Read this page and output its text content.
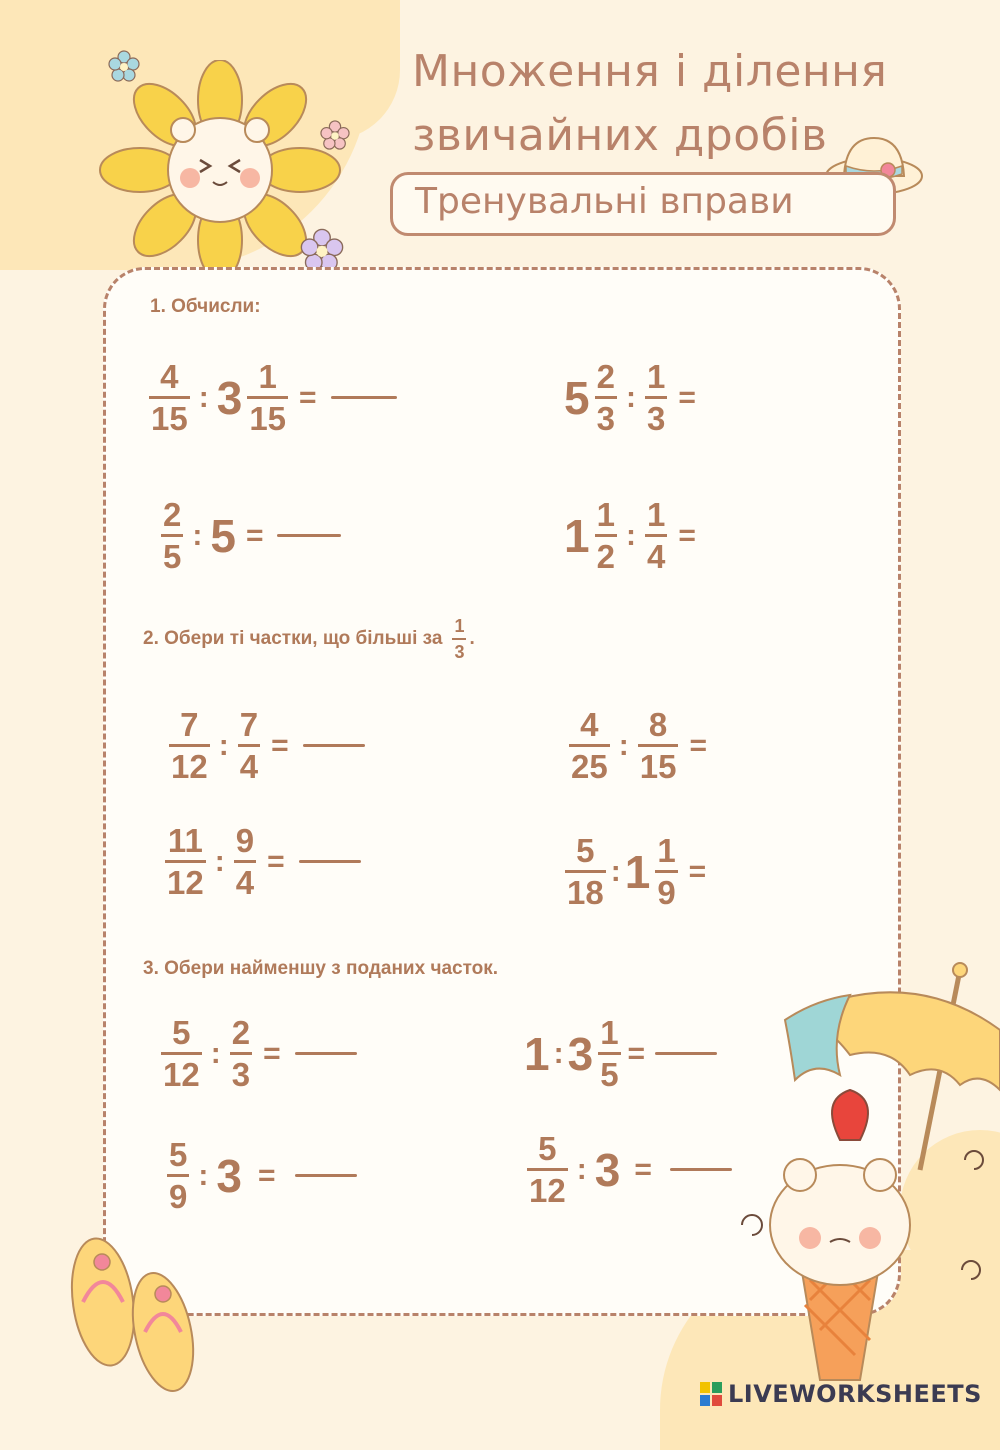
Множення і ділення
звичайних дробів
Тренувальні вправи
1. Обчисли:
$\frac{4}{15}$ : $3 \frac{1}{15}$ =	$5 \frac{2}{3}$ : $\frac{1}{3}$ =
$\frac{2}{5}$ : 5 =	$1 \frac{1}{2}$ : $\frac{1}{4}$ =
2. Обери ті частки, що більші за $\frac{1}{3}$ .
$\frac{7}{12}$ : $\frac{7}{4}$ =	$\frac{4}{25}$ : $\frac{8}{15}$ =
$\frac{11}{12}$ : $\frac{9}{4}$ =	$\frac{5}{18}$ : $1 \frac{1}{9}$ =
3. Обери найменшу з поданих часток.
$\frac{5}{12}$ : $\frac{2}{3}$ =	1 : $3 \frac{1}{5}$ =
$\frac{5}{9}$ : 3 =	$\frac{5}{12}$ : 3 =
LIVEWORKSHEETS
